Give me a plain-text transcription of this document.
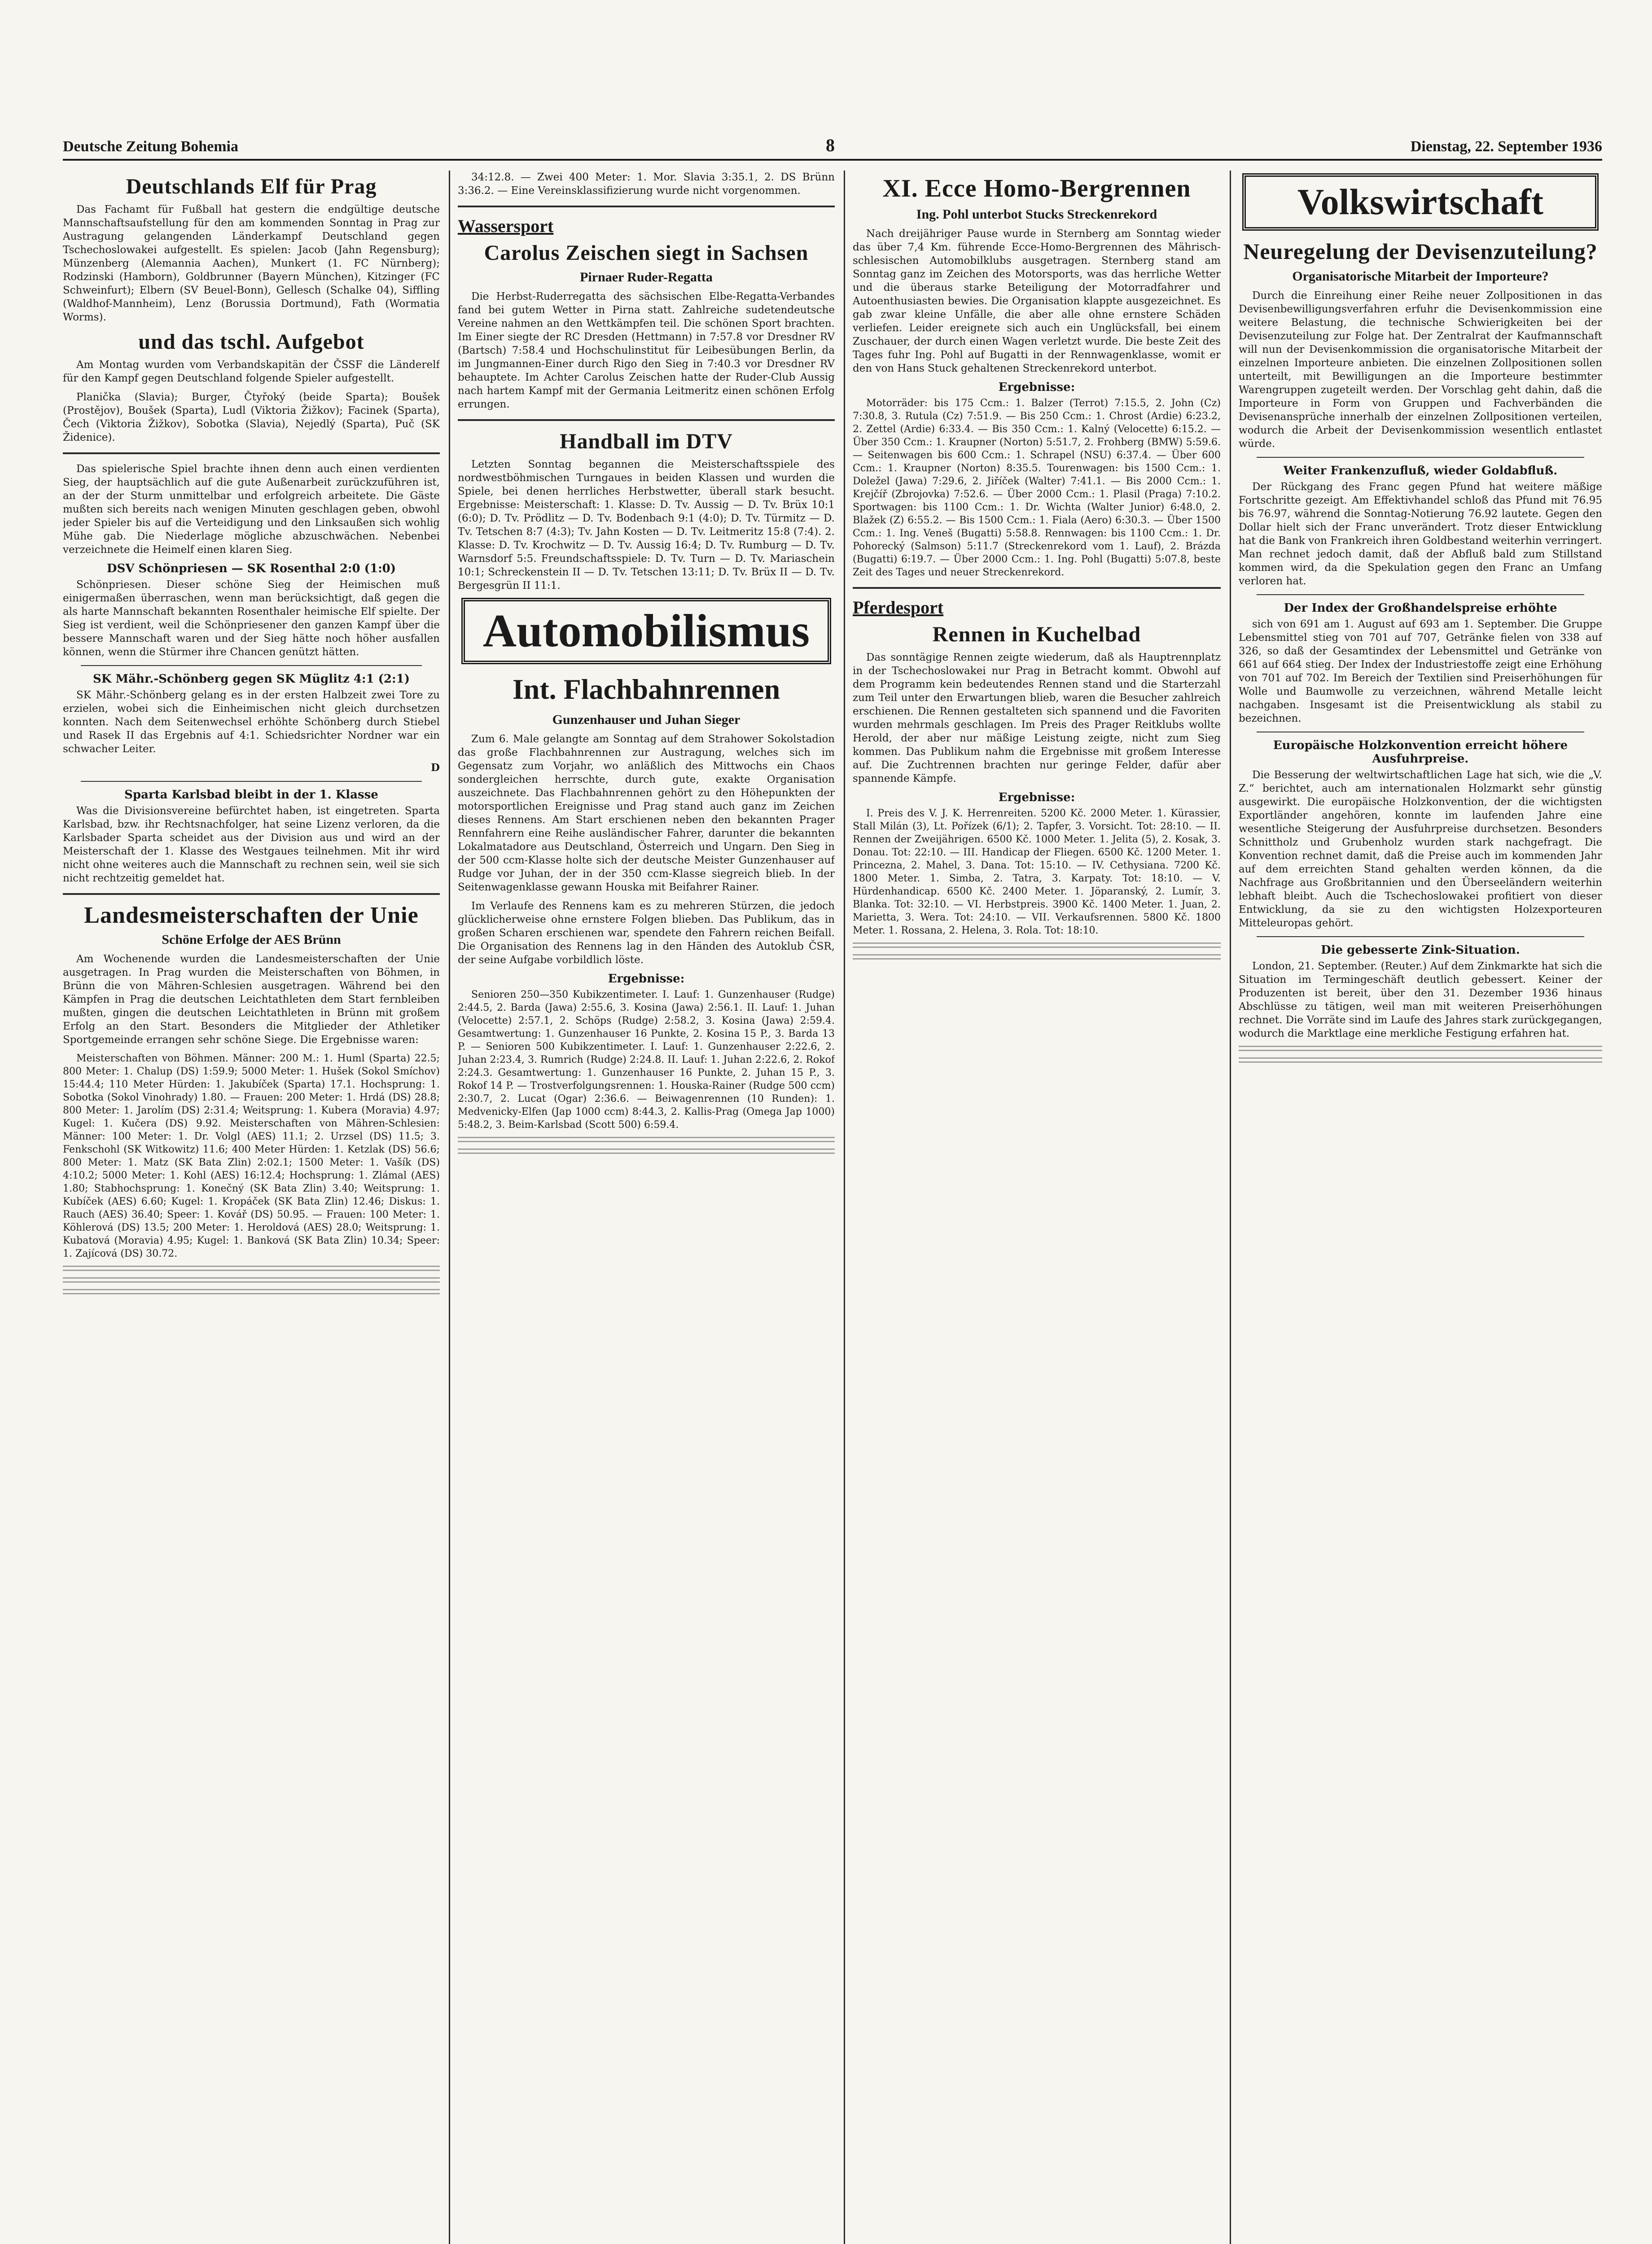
Deutsche Zeitung Bohemia	8	Dienstag, 22. September 1936
Deutschlands Elf für Prag

Das Fachamt für Fußball hat gestern die endgültige deutsche Mannschaftsaufstellung für den am kommenden Sonntag in Prag zur Austragung gelangenden Länderkampf Deutschland gegen Tschechoslowakei aufgestellt. Es spielen: Jacob (Jahn Regensburg); Münzenberg (Alemannia Aachen), Munkert (1. FC Nürnberg); Rodzinski (Hamborn), Goldbrunner (Bayern München), Kitzinger (FC Schweinfurt); Elbern (SV Beuel-Bonn), Gellesch (Schalke 04), Siffling (Waldhof-Mannheim), Lenz (Borussia Dortmund), Fath (Wormatia Worms).

und das tschl. Aufgebot

Am Montag wurden vom Verbandskapitän der ČSSF die Länderelf für den Kampf gegen Deutschland folgende Spieler aufgestellt.

Planička (Slavia); Burger, Čtyřoký (beide Sparta); Boušek (Prostějov), Boušek (Sparta), Ludl (Viktoria Žižkov); Facinek (Sparta), Čech (Viktoria Žižkov), Sobotka (Slavia), Nejedlý (Sparta), Puč (SK Židenice).

Das spielerische Spiel brachte ihnen denn auch einen verdienten Sieg, der hauptsächlich auf die gute Außenarbeit zurückzuführen ist, an der der Sturm unmittelbar und erfolgreich arbeitete. Die Gäste mußten sich bereits nach wenigen Minuten geschlagen geben, obwohl jeder Spieler bis auf die Verteidigung und den Linksaußen sich wohlig Mühe gab. Die Niederlage mögliche abzuschwächen. Nebenbei verzeichnete die Heimelf einen klaren Sieg.

DSV Schönpriesen — SK Rosenthal 2:0 (1:0)

Schönpriesen. Dieser schöne Sieg der Heimischen muß einigermaßen überraschen, wenn man berücksichtigt, daß gegen die als harte Mannschaft bekannten Rosenthaler heimische Elf spielte. Der Sieg ist verdient, weil die Schönpriesener den ganzen Kampf über die bessere Mannschaft waren und der Sieg hätte noch höher ausfallen können, wenn die Stürmer ihre Chancen genützt hätten.

SK Mähr.-Schönberg gegen SK Müglitz 4:1 (2:1)

SK Mähr.-Schönberg gelang es in der ersten Halbzeit zwei Tore zu erzielen, wobei sich die Einheimischen nicht gleich durchsetzen konnten. Nach dem Seitenwechsel erhöhte Schönberg durch Stiebel und Rasek II das Ergebnis auf 4:1. Schiedsrichter Nordner war ein schwacher Leiter.

D
Sparta Karlsbad bleibt in der 1. Klasse

Was die Divisionsvereine befürchtet haben, ist eingetreten. Sparta Karlsbad, bzw. ihr Rechtsnachfolger, hat seine Lizenz verloren, da die Karlsbader Sparta scheidet aus der Division aus und wird an der Meisterschaft der 1. Klasse des Westgaues teilnehmen. Mit ihr wird nicht ohne weiteres auch die Mannschaft zu rechnen sein, weil sie sich nicht rechtzeitig gemeldet hat.

Landesmeisterschaften der Unie
Schöne Erfolge der AES Brünn

Am Wochenende wurden die Landesmeisterschaften der Unie ausgetragen. In Prag wurden die Meisterschaften von Böhmen, in Brünn die von Mähren-Schlesien ausgetragen. Während bei den Kämpfen in Prag die deutschen Leichtathleten dem Start fernbleiben mußten, gingen die deutschen Leichtathleten in Brünn mit großem Erfolg an den Start. Besonders die Mitglieder der Athletiker Sportgemeinde errangen sehr schöne Siege. Die Ergebnisse waren:

Meisterschaften von Böhmen. Männer: 200 M.: 1. Huml (Sparta) 22.5; 800 Meter: 1. Chalup (DS) 1:59.9; 5000 Meter: 1. Hušek (Sokol Smíchov) 15:44.4; 110 Meter Hürden: 1. Jakubíček (Sparta) 17.1. Hochsprung: 1. Sobotka (Sokol Vinohrady) 1.80. — Frauen: 200 Meter: 1. Hrdá (DS) 28.8; 800 Meter: 1. Jarolím (DS) 2:31.4; Weitsprung: 1. Kubera (Moravia) 4.97; Kugel: 1. Kučera (DS) 9.92. Meisterschaften von Mähren-Schlesien: Männer: 100 Meter: 1. Dr. Volgl (AES) 11.1; 2. Urzsel (DS) 11.5; 3. Fenkschohl (SK Witkowitz) 11.6; 400 Meter Hürden: 1. Ketzlak (DS) 56.6; 800 Meter: 1. Matz (SK Bata Zlin) 2:02.1; 1500 Meter: 1. Vašík (DS) 4:10.2; 5000 Meter: 1. Kohl (AES) 16:12.4; Hochsprung: 1. Zlámal (AES) 1.80; Stabhochsprung: 1. Konečný (SK Bata Zlin) 3.40; Weitsprung: 1. Kubíček (AES) 6.60; Kugel: 1. Kropáček (SK Bata Zlin) 12.46; Diskus: 1. Rauch (AES) 36.40; Speer: 1. Kovář (DS) 50.95. — Frauen: 100 Meter: 1. Köhlerová (DS) 13.5; 200 Meter: 1. Heroldová (AES) 28.0; Weitsprung: 1. Kubatová (Moravia) 4.95; Kugel: 1. Banková (SK Bata Zlin) 10.34; Speer: 1. Zajícová (DS) 30.72.

34:12.8. — Zwei 400 Meter: 1. Mor. Slavia 3:35.1, 2. DS Brünn 3:36.2. — Eine Vereinsklassifizierung wurde nicht vorgenommen.

Wassersport
Carolus Zeischen siegt in Sachsen
Pirnaer Ruder-Regatta

Die Herbst-Ruderregatta des sächsischen Elbe-Regatta-Verbandes fand bei gutem Wetter in Pirna statt. Zahlreiche sudetendeutsche Vereine nahmen an den Wettkämpfen teil. Die schönen Sport brachten. Im Einer siegte der RC Dresden (Hettmann) in 7:57.8 vor Dresdner RV (Bartsch) 7:58.4 und Hochschulinstitut für Leibesübungen Berlin, da im Jungmannen-Einer durch Rigo den Sieg in 7:40.3 vor Dresdner RV behauptete. Im Achter Carolus Zeischen hatte der Ruder-Club Aussig nach hartem Kampf mit der Germania Leitmeritz einen schönen Erfolg errungen.

Handball im DTV

Letzten Sonntag begannen die Meisterschaftsspiele des nordwestböhmischen Turngaues in beiden Klassen und wurden die Spiele, bei denen herrliches Herbstwetter, überall stark besucht. Ergebnisse: Meisterschaft: 1. Klasse: D. Tv. Aussig — D. Tv. Brüx 10:1 (6:0); D. Tv. Prödlitz — D. Tv. Bodenbach 9:1 (4:0); D. Tv. Türmitz — D. Tv. Tetschen 8:7 (4:3); Tv. Jahn Kosten — D. Tv. Leitmeritz 15:8 (7:4). 2. Klasse: D. Tv. Krochwitz — D. Tv. Aussig 16:4; D. Tv. Rumburg — D. Tv. Warnsdorf 5:5. Freundschaftsspiele: D. Tv. Turn — D. Tv. Mariaschein 10:1; Schreckenstein II — D. Tv. Tetschen 13:11; D. Tv. Brüx II — D. Tv. Bergesgrün II 11:1.

Automobilismus
Int. Flachbahnrennen
Gunzenhauser und Juhan Sieger

Zum 6. Male gelangte am Sonntag auf dem Strahower Sokolstadion das große Flachbahnrennen zur Austragung, welches sich im Gegensatz zum Vorjahr, wo anläßlich des Mittwochs ein Chaos sondergleichen herrschte, durch gute, exakte Organisation auszeichnete. Das Flachbahnrennen gehört zu den Höhepunkten der motorsportlichen Ereignisse und Prag stand auch ganz im Zeichen dieses Rennens. Am Start erschienen neben den bekannten Prager Rennfahrern eine Reihe ausländischer Fahrer, darunter die bekannten Lokalmatadore aus Deutschland, Österreich und Ungarn. Den Sieg in der 500 ccm-Klasse holte sich der deutsche Meister Gunzenhauser auf Rudge vor Juhan, der in der 350 ccm-Klasse siegreich blieb. In der Seitenwagenklasse gewann Houska mit Beifahrer Rainer.

Im Verlaufe des Rennens kam es zu mehreren Stürzen, die jedoch glücklicherweise ohne ernstere Folgen blieben. Das Publikum, das in großen Scharen erschienen war, spendete den Fahrern reichen Beifall. Die Organisation des Rennens lag in den Händen des Autoklub ČSR, der seine Aufgabe vorbildlich löste.

Ergebnisse:

Senioren 250—350 Kubikzentimeter. I. Lauf: 1. Gunzenhauser (Rudge) 2:44.5, 2. Barda (Jawa) 2:55.6, 3. Kosina (Jawa) 2:56.1. II. Lauf: 1. Juhan (Velocette) 2:57.1, 2. Schöps (Rudge) 2:58.2, 3. Kosina (Jawa) 2:59.4. Gesamtwertung: 1. Gunzenhauser 16 Punkte, 2. Kosina 15 P., 3. Barda 13 P. — Senioren 500 Kubikzentimeter. I. Lauf: 1. Gunzenhauser 2:22.6, 2. Juhan 2:23.4, 3. Rumrich (Rudge) 2:24.8. II. Lauf: 1. Juhan 2:22.6, 2. Rokof 2:24.3. Gesamtwertung: 1. Gunzenhauser 16 Punkte, 2. Juhan 15 P., 3. Rokof 14 P. — Trostverfolgungsrennen: 1. Houska-Rainer (Rudge 500 ccm) 2:30.7, 2. Lucat (Ogar) 2:36.6. — Beiwagenrennen (10 Runden): 1. Medvenicky-Elfen (Jap 1000 ccm) 8:44.3, 2. Kallis-Prag (Omega Jap 1000) 5:48.2, 3. Beim-Karlsbad (Scott 500) 6:59.4.

XI. Ecce Homo-Bergrennen
Ing. Pohl unterbot Stucks Streckenrekord

Nach dreijähriger Pause wurde in Sternberg am Sonntag wieder das über 7,4 Km. führende Ecce-Homo-Bergrennen des Mährisch-schlesischen Automobilklubs ausgetragen. Sternberg stand am Sonntag ganz im Zeichen des Motorsports, was das herrliche Wetter und die überaus starke Beteiligung der Motorradfahrer und Autoenthusiasten bewies. Die Organisation klappte ausgezeichnet. Es gab zwar kleine Unfälle, die aber alle ohne ernstere Schäden verliefen. Leider ereignete sich auch ein Unglücksfall, bei einem Zuschauer, der durch einen Wagen verletzt wurde. Die beste Zeit des Tages fuhr Ing. Pohl auf Bugatti in der Rennwagenklasse, womit er den von Hans Stuck gehaltenen Streckenrekord unterbot.

Ergebnisse:

Motorräder: bis 175 Ccm.: 1. Balzer (Terrot) 7:15.5, 2. John (Cz) 7:30.8, 3. Rutula (Cz) 7:51.9. — Bis 250 Ccm.: 1. Chrost (Ardie) 6:23.2, 2. Zettel (Ardie) 6:33.4. — Bis 350 Ccm.: 1. Kalný (Velocette) 6:15.2. — Über 350 Ccm.: 1. Kraupner (Norton) 5:51.7, 2. Frohberg (BMW) 5:59.6. — Seitenwagen bis 600 Ccm.: 1. Schrapel (NSU) 6:37.4. — Über 600 Ccm.: 1. Kraupner (Norton) 8:35.5. Tourenwagen: bis 1500 Ccm.: 1. Doležel (Jawa) 7:29.6, 2. Jiříček (Walter) 7:41.1. — Bis 2000 Ccm.: 1. Krejčíř (Zbrojovka) 7:52.6. — Über 2000 Ccm.: 1. Plasil (Praga) 7:10.2. Sportwagen: bis 1100 Ccm.: 1. Dr. Wichta (Walter Junior) 6:48.0, 2. Blažek (Z) 6:55.2. — Bis 1500 Ccm.: 1. Fiala (Aero) 6:30.3. — Über 1500 Ccm.: 1. Ing. Veneš (Bugatti) 5:58.8. Rennwagen: bis 1100 Ccm.: 1. Dr. Pohorecký (Salmson) 5:11.7 (Streckenrekord vom 1. Lauf), 2. Brázda (Bugatti) 6:19.7. — Über 2000 Ccm.: 1. Ing. Pohl (Bugatti) 5:07.8, beste Zeit des Tages und neuer Streckenrekord.

Pferdesport
Rennen in Kuchelbad

Das sonntägige Rennen zeigte wiederum, daß als Hauptrennplatz in der Tschechoslowakei nur Prag in Betracht kommt. Obwohl auf dem Programm kein bedeutendes Rennen stand und die Starterzahl zum Teil unter den Erwartungen blieb, waren die Besucher zahlreich erschienen. Die Rennen gestalteten sich spannend und die Favoriten wurden mehrmals geschlagen. Im Preis des Prager Reitklubs wollte Herold, der aber nur mäßige Leistung zeigte, nicht zum Sieg kommen. Das Publikum nahm die Ergebnisse mit großem Interesse auf. Die Zuchtrennen brachten nur geringe Felder, dafür aber spannende Kämpfe.

Ergebnisse:

I. Preis des V. J. K. Herrenreiten. 5200 Kč. 2000 Meter. 1. Kürassier, Stall Milán (3), Lt. Pořízek (6/1); 2. Tapfer, 3. Vorsicht. Tot: 28:10. — II. Rennen der Zweijährigen. 6500 Kč. 1000 Meter. 1. Jelita (5), 2. Kosak, 3. Donau. Tot: 22:10. — III. Handicap der Fliegen. 6500 Kč. 1200 Meter. 1. Princezna, 2. Mahel, 3. Dana. Tot: 15:10. — IV. Cethysiana. 7200 Kč. 1800 Meter. 1. Simba, 2. Tatra, 3. Karpaty. Tot: 18:10. — V. Hürdenhandicap. 6500 Kč. 2400 Meter. 1. Jöparanský, 2. Lumír, 3. Blanka. Tot: 32:10. — VI. Herbstpreis. 3900 Kč. 1400 Meter. 1. Juan, 2. Marietta, 3. Wera. Tot: 24:10. — VII. Verkaufsrennen. 5800 Kč. 1800 Meter. 1. Rossana, 2. Helena, 3. Rola. Tot: 18:10.

Volkswirtschaft
Neuregelung der Devisenzuteilung?
Organisatorische Mitarbeit der Importeure?

Durch die Einreihung einer Reihe neuer Zollpositionen in das Devisenbewilligungsverfahren erfuhr die Devisenkommission eine weitere Belastung, die technische Schwierigkeiten bei der Devisenzuteilung zur Folge hat. Der Zentralrat der Kaufmannschaft will nun der Devisenkommission die organisatorische Mitarbeit der einzelnen Importeure anbieten. Die einzelnen Zollpositionen sollen unterteilt, mit Bewilligungen an die Importeure bestimmter Warengruppen zugeteilt werden. Der Vorschlag geht dahin, daß die Importeure in Form von Gruppen und Fachverbänden die Devisenansprüche innerhalb der einzelnen Zollpositionen verteilen, wodurch die Arbeit der Devisenkommission wesentlich entlastet würde.

Weiter Frankenzufluß, wieder Goldabfluß.

Der Rückgang des Franc gegen Pfund hat weitere mäßige Fortschritte gezeigt. Am Effektivhandel schloß das Pfund mit 76.95 bis 76.97, während die Sonntag-Notierung 76.92 lautete. Gegen den Dollar hielt sich der Franc unverändert. Trotz dieser Entwicklung hat die Bank von Frankreich ihren Goldbestand weiterhin verringert. Man rechnet jedoch damit, daß der Abfluß bald zum Stillstand kommen wird, da die Spekulation gegen den Franc an Umfang verloren hat.

Der Index der Großhandelspreise erhöhte

sich von 691 am 1. August auf 693 am 1. September. Die Gruppe Lebensmittel stieg von 701 auf 707, Getränke fielen von 338 auf 326, so daß der Gesamtindex der Lebensmittel und Getränke von 661 auf 664 stieg. Der Index der Industriestoffe zeigt eine Erhöhung von 701 auf 702. Im Bereich der Textilien sind Preiserhöhungen für Wolle und Baumwolle zu verzeichnen, während Metalle leicht nachgaben. Insgesamt ist die Preisentwicklung als stabil zu bezeichnen.

Europäische Holzkonvention erreicht höhere Ausfuhrpreise.

Die Besserung der weltwirtschaftlichen Lage hat sich, wie die „V. Z.“ berichtet, auch am internationalen Holzmarkt sehr günstig ausgewirkt. Die europäische Holzkonvention, der die wichtigsten Exportländer angehören, konnte im laufenden Jahre eine wesentliche Steigerung der Ausfuhrpreise durchsetzen. Besonders Schnittholz und Grubenholz wurden stark nachgefragt. Die Konvention rechnet damit, daß die Preise auch im kommenden Jahr auf dem erreichten Stand gehalten werden können, da die Nachfrage aus Großbritannien und den Überseeländern weiterhin lebhaft bleibt. Auch die Tschechoslowakei profitiert von dieser Entwicklung, da sie zu den wichtigsten Holzexporteuren Mitteleuropas gehört.

Die gebesserte Zink-Situation.

London, 21. September. (Reuter.) Auf dem Zinkmarkte hat sich die Situation im Termingeschäft deutlich gebessert. Keiner der Produzenten ist bereit, über den 31. Dezember 1936 hinaus Abschlüsse zu tätigen, weil man mit weiteren Preiserhöhungen rechnet. Die Vorräte sind im Laufe des Jahres stark zurückgegangen, wodurch die Marktlage eine merkliche Festigung erfahren hat.
